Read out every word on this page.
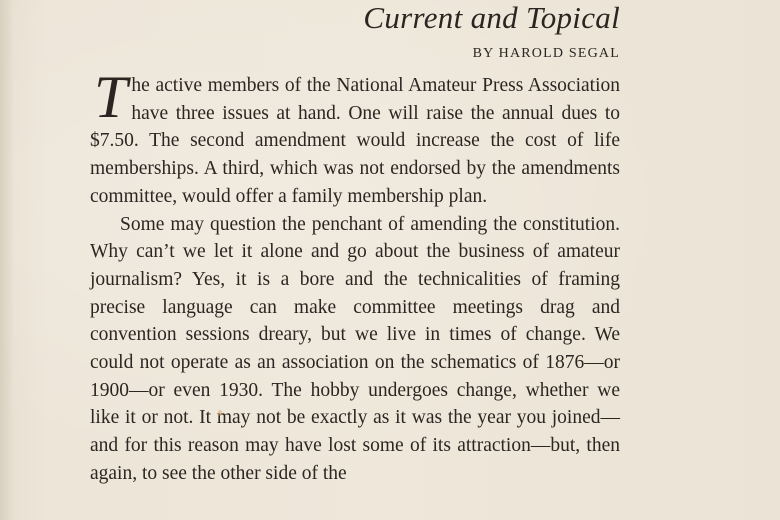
Current and Topical
BY HAROLD SEGAL

The active members of the National Amateur Press Association have three issues at hand. One will raise the annual dues to $7.50. The second amendment would increase the cost of life memberships. A third, which was not endorsed by the amendments committee, would offer a family membership plan.

Some may question the penchant of amending the constitution. Why can’t we let it alone and go about the business of amateur journalism? Yes, it is a bore and the technicalities of framing precise language can make committee meetings drag and convention sessions dreary, but we live in times of change. We could not operate as an association on the schematics of 1876—or 1900—or even 1930. The hobby undergoes change, whether we like it or not. It may not be exactly as it was the year you joined—and for this reason may have lost some of its attraction—but, then again, to see the other side of the
